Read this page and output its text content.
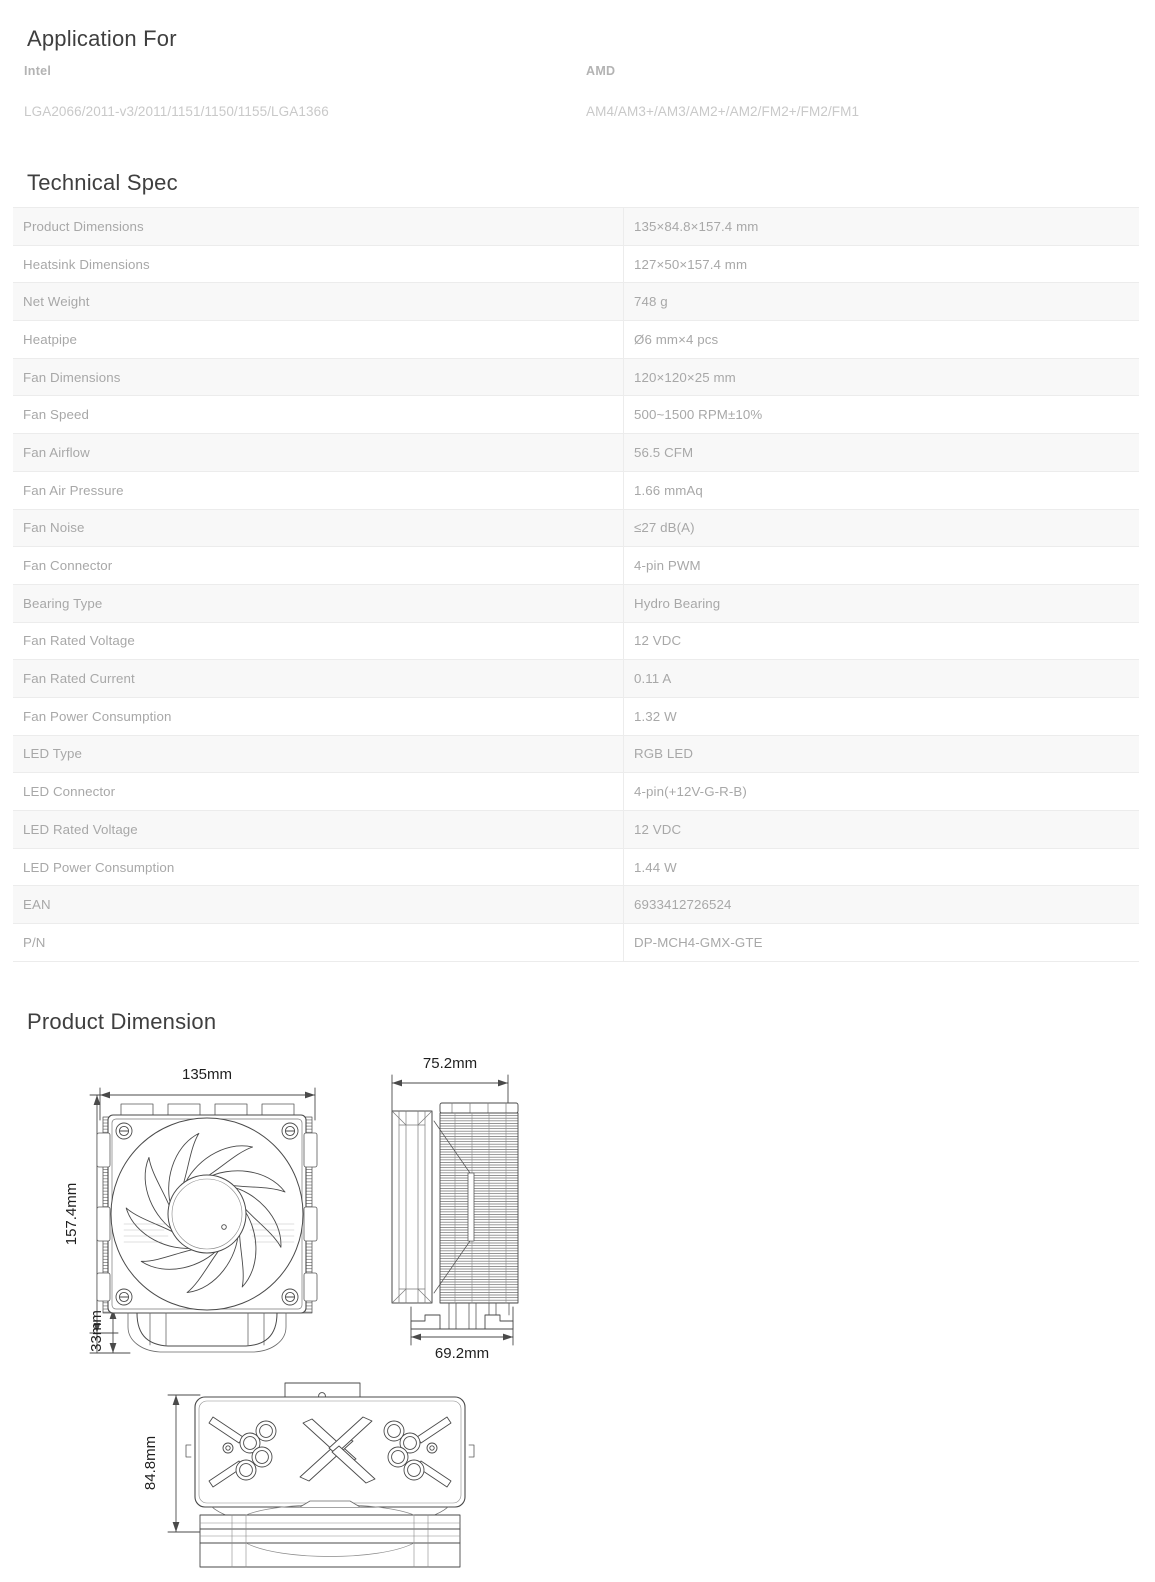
Application For
Intel
LGA2066/2011-v3/2011/1151/1150/1155/LGA1366
AMD
AM4/AM3+/AM3/AM2+/AM2/FM2+/FM2/FM1
Technical Spec
Product Dimensions	135×84.8×157.4 mm
Heatsink Dimensions	127×50×157.4 mm
Net Weight	748 g
Heatpipe	Ø6 mm×4 pcs
Fan Dimensions	120×120×25 mm
Fan Speed	500~1500 RPM±10%
Fan Airflow	56.5 CFM
Fan Air Pressure	1.66 mmAq
Fan Noise	≤27 dB(A)
Fan Connector	4-pin PWM
Bearing Type	Hydro Bearing
Fan Rated Voltage	12 VDC
Fan Rated Current	0.11 A
Fan Power Consumption	1.32 W
LED Type	RGB LED
LED Connector	4-pin(+12V-G-R-B)
LED Rated Voltage	12 VDC
LED Power Consumption	1.44 W
EAN	6933412726524
P/N	DP-MCH4-GMX-GTE
Product Dimension
135mm
157.4mm
33mm
75.2mm
69.2mm
84.8mm
